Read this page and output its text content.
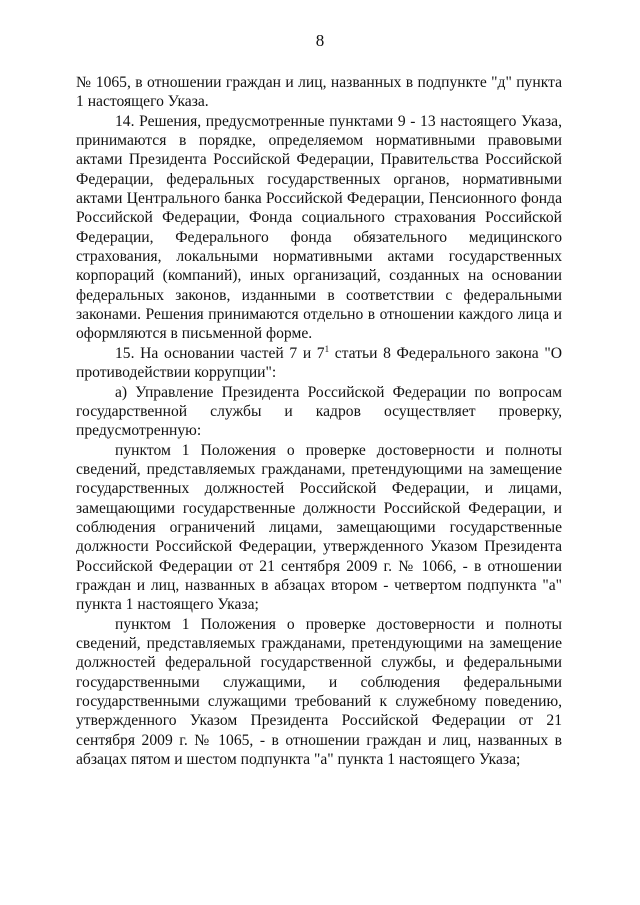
8

№ 1065, в отношении граждан и лиц, названных в подпункте "д" пункта 1 настоящего Указа.

14. Решения, предусмотренные пунктами 9 - 13 настоящего Указа, принимаются в порядке, определяемом нормативными правовыми актами Президента Российской Федерации, Правительства Российской Федерации, федеральных государственных органов, нормативными актами Центрального банка Российской Федерации, Пенсионного фонда Российской Федерации, Фонда социального страхования Российской Федерации, Федерального фонда обязательного медицинского страхования, локальными нормативными актами государственных корпораций (компаний), иных организаций, созданных на основании федеральных законов, изданными в соответствии с федеральными законами. Решения принимаются отдельно в отношении каждого лица и оформляются в письменной форме.

15. На основании частей 7 и $7^1$ статьи 8 Федерального закона "О противодействии коррупции":

а) Управление Президента Российской Федерации по вопросам государственной службы и кадров осуществляет проверку, предусмотренную:

пунктом 1 Положения о проверке достоверности и полноты сведений, представляемых гражданами, претендующими на замещение государственных должностей Российской Федерации, и лицами, замещающими государственные должности Российской Федерации, и соблюдения ограничений лицами, замещающими государственные должности Российской Федерации, утвержденного Указом Президента Российской Федерации от 21 сентября 2009 г. № 1066, - в отношении граждан и лиц, названных в абзацах втором - четвертом подпункта "а" пункта 1 настоящего Указа;

пунктом 1 Положения о проверке достоверности и полноты сведений, представляемых гражданами, претендующими на замещение должностей федеральной государственной службы, и федеральными государственными служащими, и соблюдения федеральными государственными служащими требований к служебному поведению, утвержденного Указом Президента Российской Федерации от 21 сентября 2009 г. № 1065, - в отношении граждан и лиц, названных в абзацах пятом и шестом подпункта "а" пункта 1 настоящего Указа;
